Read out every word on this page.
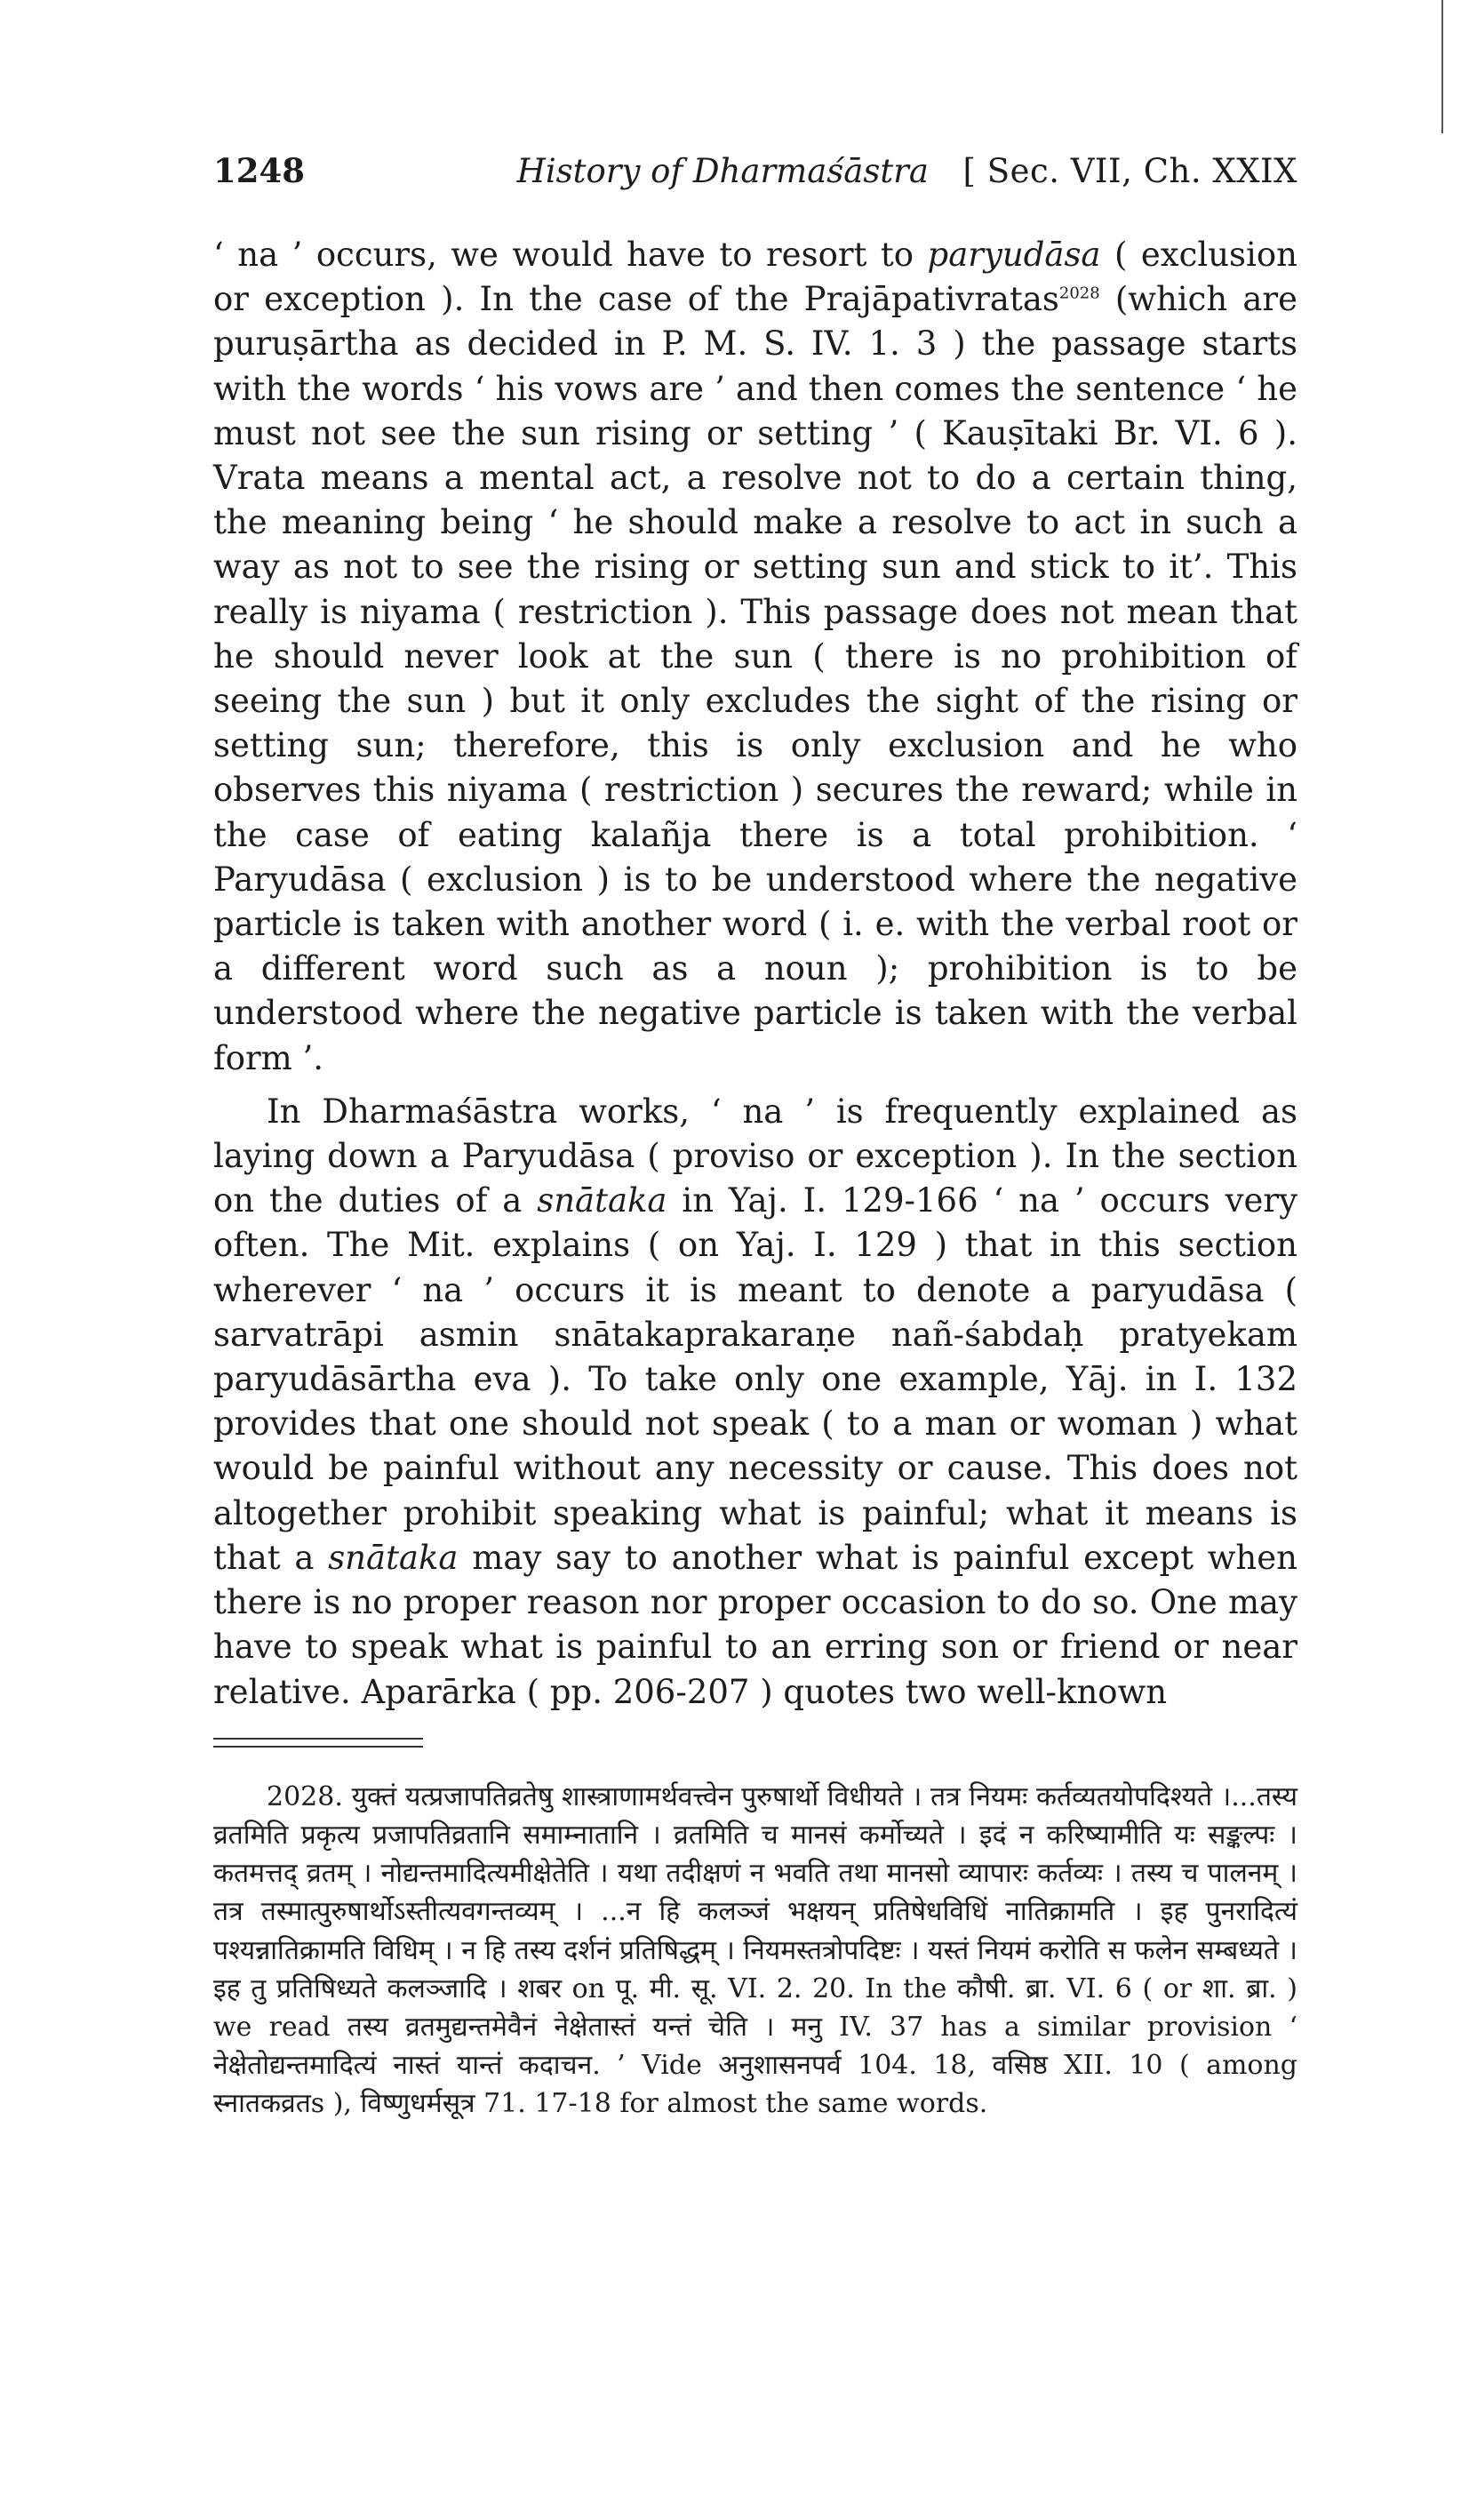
1248	History of Dharmaśāstra [ Sec. VII, Ch. XXIX

‘ na ’ occurs, we would have to resort to paryudāsa ( exclusion or exception ). In the case of the Prajāpativratas$^{2028}$ (which are puruṣārtha as decided in P. M. S. IV. 1. 3 ) the passage starts with the words ‘ his vows are ’ and then comes the sentence ‘ he must not see the sun rising or setting ’ ( Kauṣītaki Br. VI. 6 ). Vrata means a mental act, a resolve not to do a certain thing, the meaning being ‘ he should make a resolve to act in such a way as not to see the rising or setting sun and stick to it’. This really is niyama ( restriction ). This passage does not mean that he should never look at the sun ( there is no prohibition of seeing the sun ) but it only excludes the sight of the rising or setting sun; therefore, this is only exclusion and he who observes this niyama ( restriction ) secures the reward; while in the case of eating kalañja there is a total prohibition. ‘ Paryudāsa ( exclusion ) is to be understood where the negative particle is taken with another word ( i. e. with the verbal root or a different word such as a noun ); prohibition is to be understood where the negative particle is taken with the verbal form ’.

In Dharmaśāstra works, ‘ na ’ is frequently explained as laying down a Paryudāsa ( proviso or exception ). In the section on the duties of a snātaka in Yaj. I. 129-166 ‘ na ’ occurs very often. The Mit. explains ( on Yaj. I. 129 ) that in this section wherever ‘ na ’ occurs it is meant to denote a paryudāsa ( sarvatrāpi asmin snātakaprakaraṇe nañ-śabdaḥ pratyekam paryudāsārtha eva ). To take only one example, Yāj. in I. 132 provides that one should not speak ( to a man or woman ) what would be painful without any necessity or cause. This does not altogether prohibit speaking what is painful; what it means is that a snātaka may say to another what is painful except when there is no proper reason nor proper occasion to do so. One may have to speak what is painful to an erring son or friend or near relative. Aparārka ( pp. 206-207 ) quotes two well-known

2028. युक्तं यत्प्रजापतिव्रतेषु शास्त्राणामर्थवत्त्वेन पुरुषार्थो विधीयते । तत्र नियमः कर्तव्यतयोपदिश्यते ।...तस्य व्रतमिति प्रकृत्य प्रजापतिव्रतानि समाम्नातानि । व्रतमिति च मानसं कर्मोच्यते । इदं न करिष्यामीति यः सङ्कल्पः । कतमत्तद् व्रतम् । नोद्यन्तमादित्यमीक्षेतेति । यथा तदीक्षणं न भवति तथा मानसो व्यापारः कर्तव्यः । तस्य च पालनम् । तत्र तस्मात्पुरुषार्थोऽस्तीत्यवगन्तव्यम् । ...न हि कलञ्जं भक्षयन् प्रतिषेधविधिं नातिक्रामति । इह पुनरादित्यं पश्यन्नातिक्रामति विधिम् । न हि तस्य दर्शनं प्रतिषिद्धम् । नियमस्तत्रोपदिष्टः । यस्तं नियमं करोति स फलेन सम्बध्यते । इह तु प्रतिषिध्यते कलञ्जादि । शबर on पू. मी. सू. VI. 2. 20. In the कौषी. ब्रा. VI. 6 ( or शा. ब्रा. ) we read तस्य व्रतमुद्यन्तमेवैनं नेक्षेतास्तं यन्तं चेति । मनु IV. 37 has a similar provision ‘ नेक्षेतोद्यन्तमादित्यं नास्तं यान्तं कदाचन. ’ Vide अनुशासनपर्व 104. 18, वसिष्ठ XII. 10 ( among स्नातकव्रतs ), विष्णुधर्मसूत्र 71. 17-18 for almost the same words.
